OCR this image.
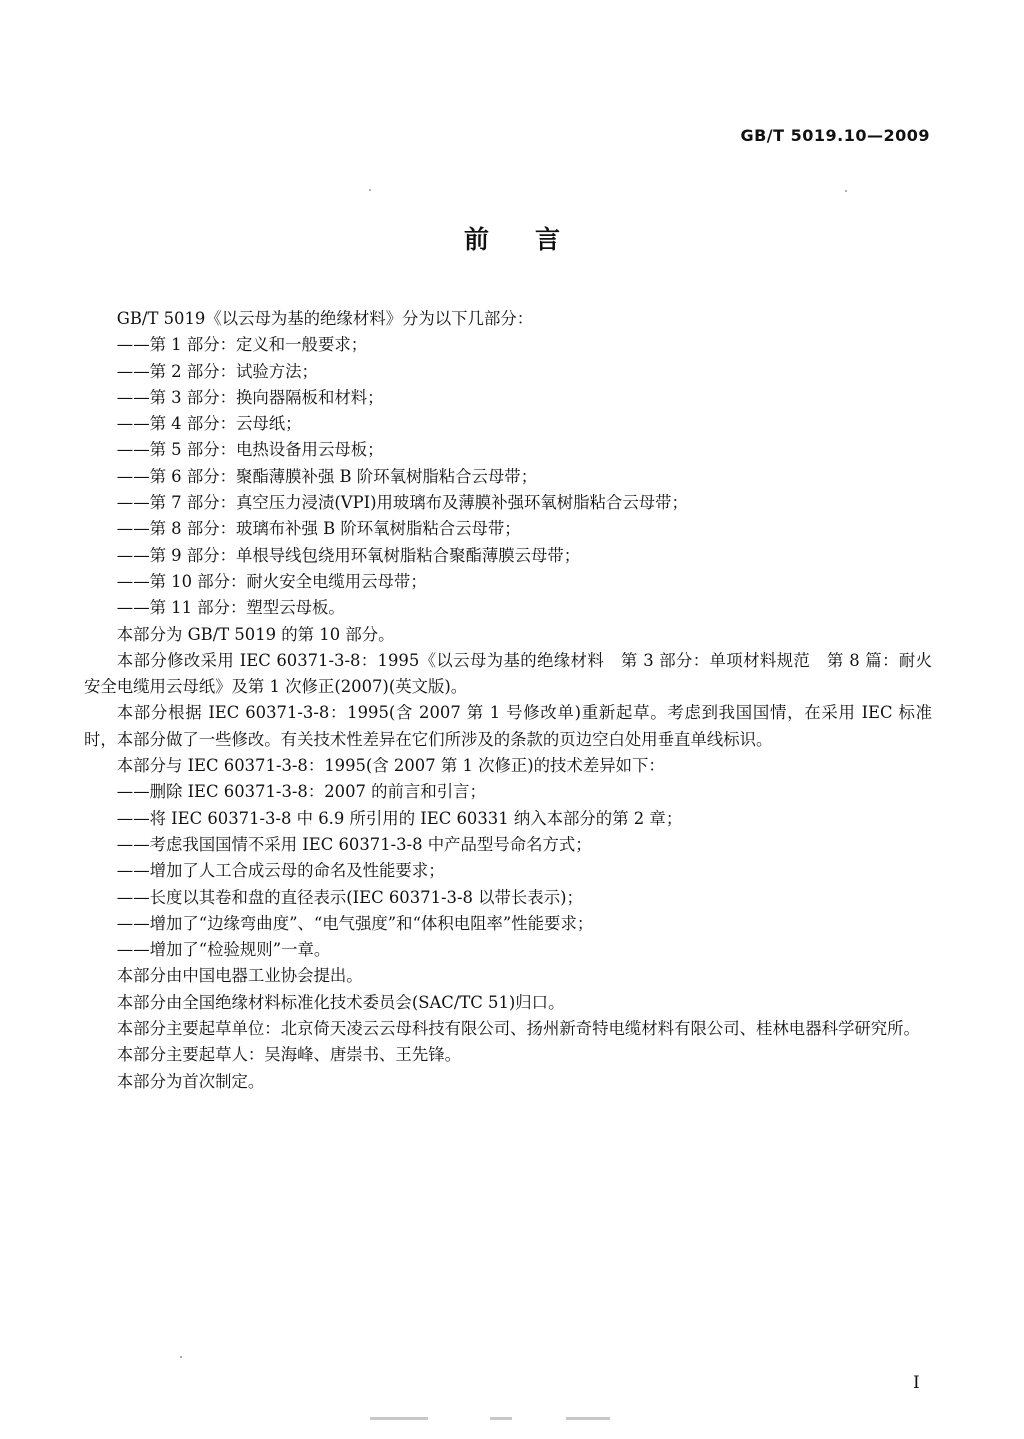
GB/T 5019.10—2009

前言

GB/T 5019《以云母为基的绝缘材料》分为以下几部分：

——第 1 部分：定义和一般要求；

——第 2 部分：试验方法；

——第 3 部分：换向器隔板和材料；

——第 4 部分：云母纸；

——第 5 部分：电热设备用云母板；

——第 6 部分：聚酯薄膜补强 B 阶环氧树脂粘合云母带；

——第 7 部分：真空压力浸渍(VPI)用玻璃布及薄膜补强环氧树脂粘合云母带；

——第 8 部分：玻璃布补强 B 阶环氧树脂粘合云母带；

——第 9 部分：单根导线包绕用环氧树脂粘合聚酯薄膜云母带；

——第 10 部分：耐火安全电缆用云母带；

——第 11 部分：塑型云母板。

本部分为 GB/T 5019 的第 10 部分。

本部分修改采用 IEC 60371-3-8：1995《以云母为基的绝缘材料　第 3 部分：单项材料规范　第 8 篇：耐火安全电缆用云母纸》及第 1 次修正(2007)(英文版)。

本部分根据 IEC 60371-3-8：1995(含 2007 第 1 号修改单)重新起草。考虑到我国国情，在采用 IEC 标准时，本部分做了一些修改。有关技术性差异在它们所涉及的条款的页边空白处用垂直单线标识。

本部分与 IEC 60371-3-8：1995(含 2007 第 1 次修正)的技术差异如下：

——删除 IEC 60371-3-8：2007 的前言和引言；

——将 IEC 60371-3-8 中 6.9 所引用的 IEC 60331 纳入本部分的第 2 章；

——考虑我国国情不采用 IEC 60371-3-8 中产品型号命名方式；

——增加了人工合成云母的命名及性能要求；

——长度以其卷和盘的直径表示(IEC 60371-3-8 以带长表示)；

——增加了“边缘弯曲度”、“电气强度”和“体积电阻率”性能要求；

——增加了“检验规则”一章。

本部分由中国电器工业协会提出。

本部分由全国绝缘材料标准化技术委员会(SAC/TC 51)归口。

本部分主要起草单位：北京倚天凌云云母科技有限公司、扬州新奇特电缆材料有限公司、桂林电器科学研究所。

本部分主要起草人：吴海峰、唐崇书、王先锋。

本部分为首次制定。

I
